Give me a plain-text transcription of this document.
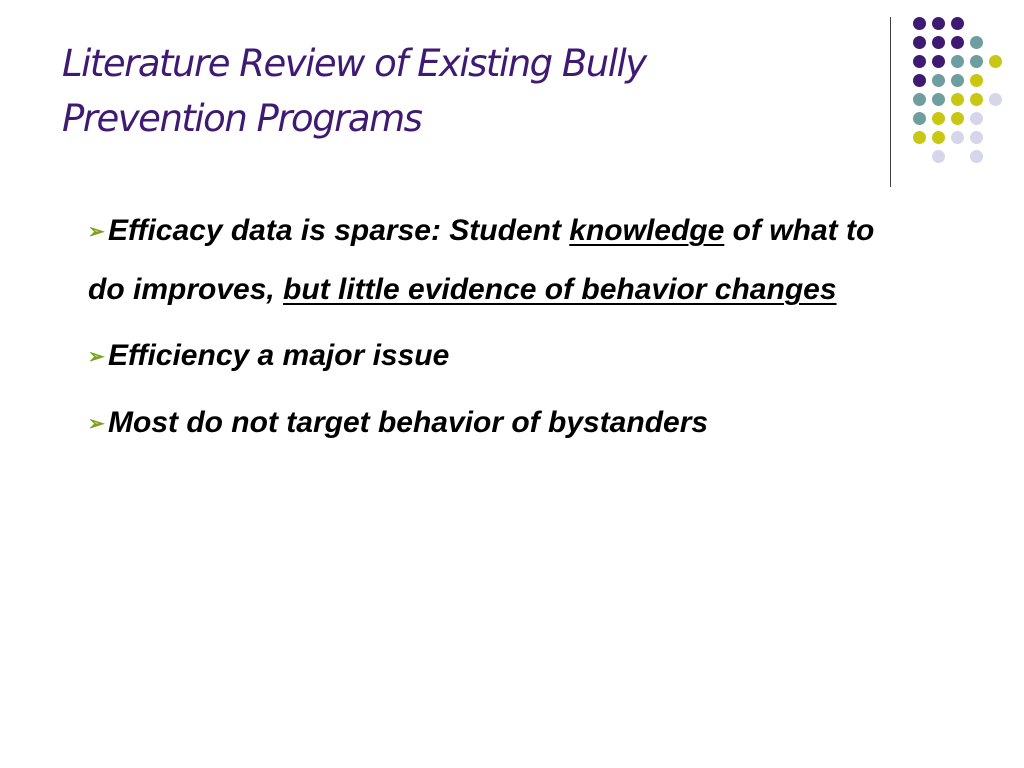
Literature Review of Existing Bully
Prevention Programs
➢ Efficacy data is sparse: Student knowledge of what to do improves, but little evidence of behavior changes
➢ Efficiency a major issue
➢ Most do not target behavior of bystanders
